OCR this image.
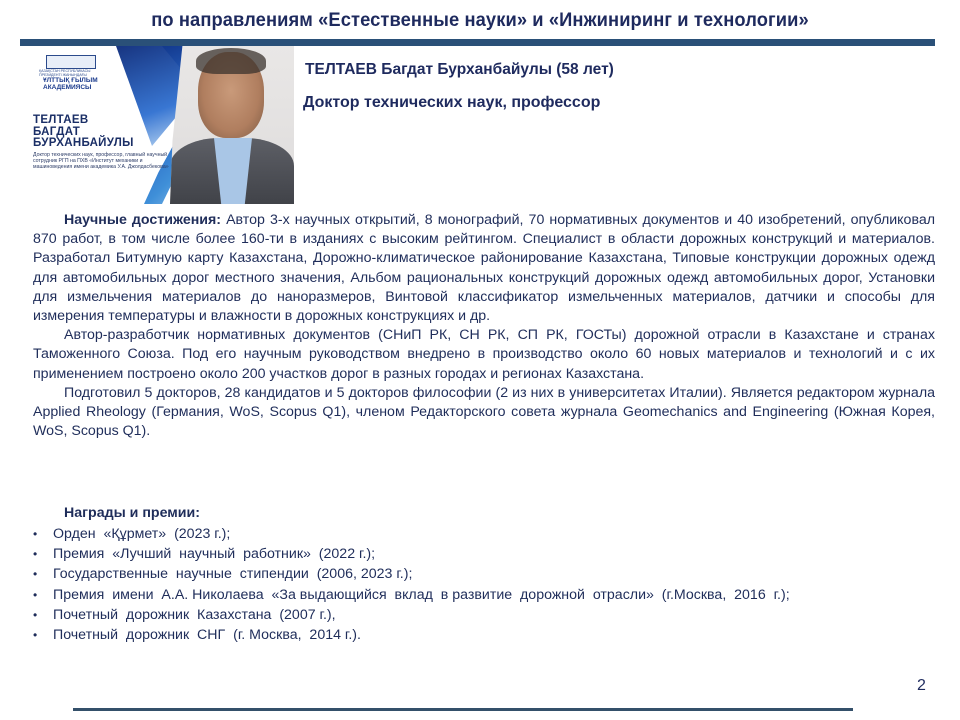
по направлениям «Естественные науки» и «Инжиниринг и технологии»
ҚАЗАҚСТАН РЕСПУБЛИКАСЫ ПРЕЗИДЕНТІ ЖАНЫНДАҒЫ
ҰЛТТЫҚ ҒЫЛЫМ
АКАДЕМИЯСЫ
ТЕЛТАЕВ
БАГДАТ
БУРХАНБАЙУЛЫ
Доктор технических наук, профессор, главный научный сотрудник РГП на ПХВ «Институт механики и машиноведения имени академика У.А. Джолдасбекова»
ТЕЛТАЕВ Багдат Бурханбайулы (58 лет)
Доктор технических наук, профессор

Научные достижения: Автор 3-х научных открытий, 8 монографий, 70 нормативных документов и 40 изобретений, опубликовал 870 работ, в том числе более 160-ти в изданиях с высоким рейтингом. Специалист в области дорожных конструкций и материалов. Разработал Битумную карту Казахстана, Дорожно-климатическое районирование Казахстана, Типовые конструкции дорожных одежд для автомобильных дорог местного значения, Альбом рациональных конструкций дорожных одежд автомобильных дорог, Установки для измельчения материалов до наноразмеров, Винтовой классификатор измельченных материалов, датчики и способы для измерения температуры и влажности в дорожных конструкциях и др.

Автор-разработчик нормативных документов (СНиП РК, СН РК, СП РК, ГОСТы) дорожной отрасли в Казахстане и странах Таможенного Союза. Под его научным руководством внедрено в производство около 60 новых материалов и технологий и с их применением построено около 200 участков дорог в разных городах и регионах Казахстана.

Подготовил 5 докторов, 28 кандидатов и 5 докторов философии (2 из них в университетах Италии). Является редактором журнала Applied Rheology (Германия, WoS, Scopus Q1), членом Редакторского совета журнала Geomechanics and Engineering (Южная Корея, WoS, Scopus Q1).

Награды и премии:
• Орден  «Құрмет»  (2023 г.);
• Премия  «Лучший  научный  работник»  (2022 г.);
• Государственные  научные  стипендии  (2006, 2023 г.);
• Премия  имени  А.А. Николаева  «За выдающийся  вклад  в развитие  дорожной  отрасли»  (г.Москва,  2016  г.);
• Почетный  дорожник  Казахстана  (2007 г.),
• Почетный  дорожник  СНГ  (г. Москва,  2014 г.).
2
